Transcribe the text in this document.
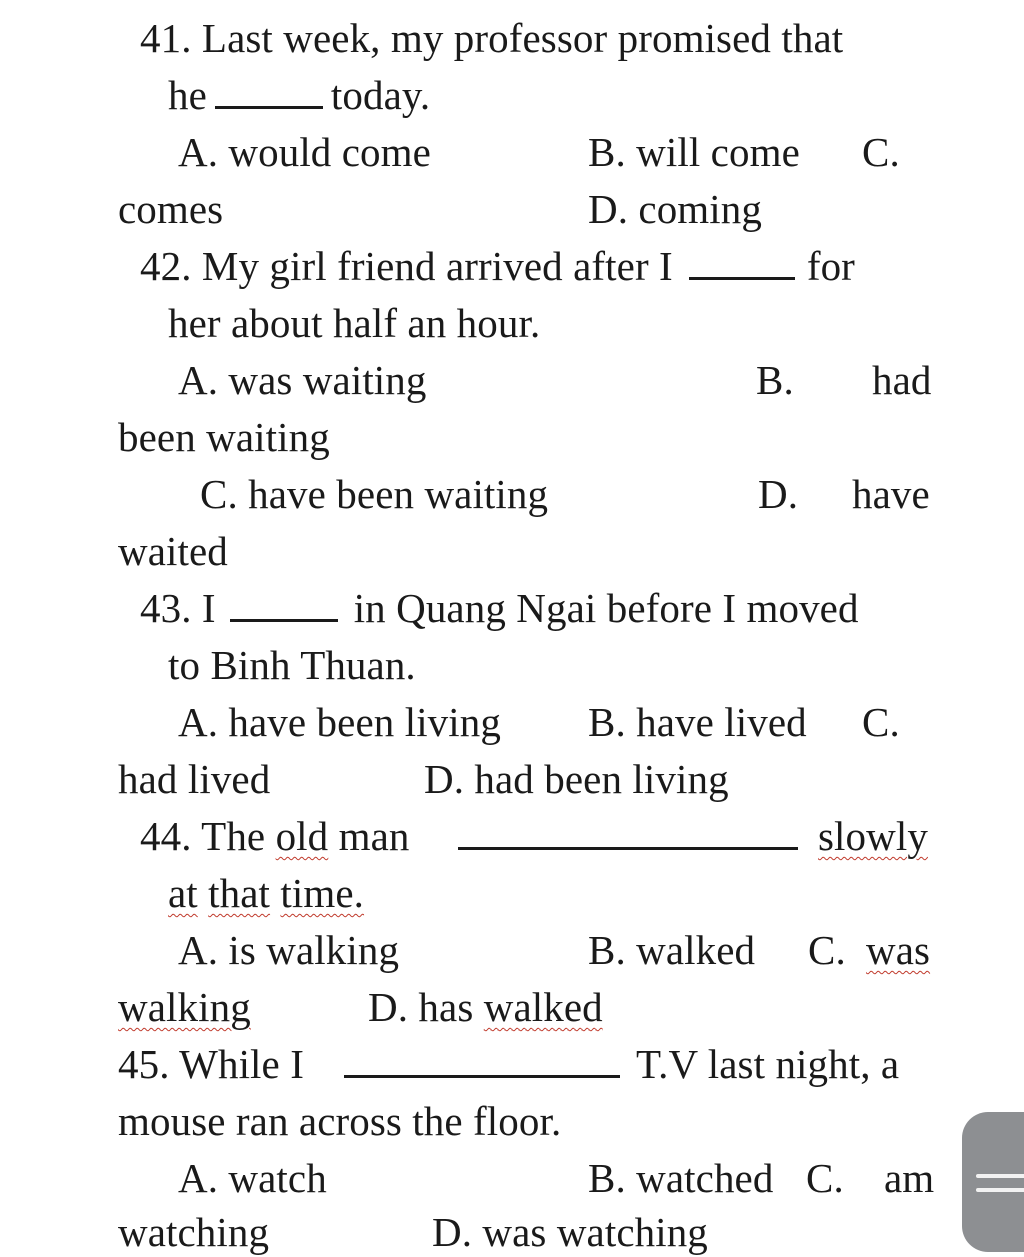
41. Last week, my professor promised that
he	today.
A. would come	B. will come C.
comes	D. coming
42. My girl friend arrived after I	for
her about half an hour.
A. was waiting	B. had
been waiting
C. have been waiting	D. have
waited
43. I	in Quang Ngai before I moved
to Binh Thuan.
A. have been living B. have lived C.
had lived	D. had been living
44. The old man	slowly
at that time.
A. is walking	B. walked C. was
walking	D. has walked
45. While I	T.V last night, a
mouse ran across the floor.
A. watch	B. watched C. am
watching	D. was watching
